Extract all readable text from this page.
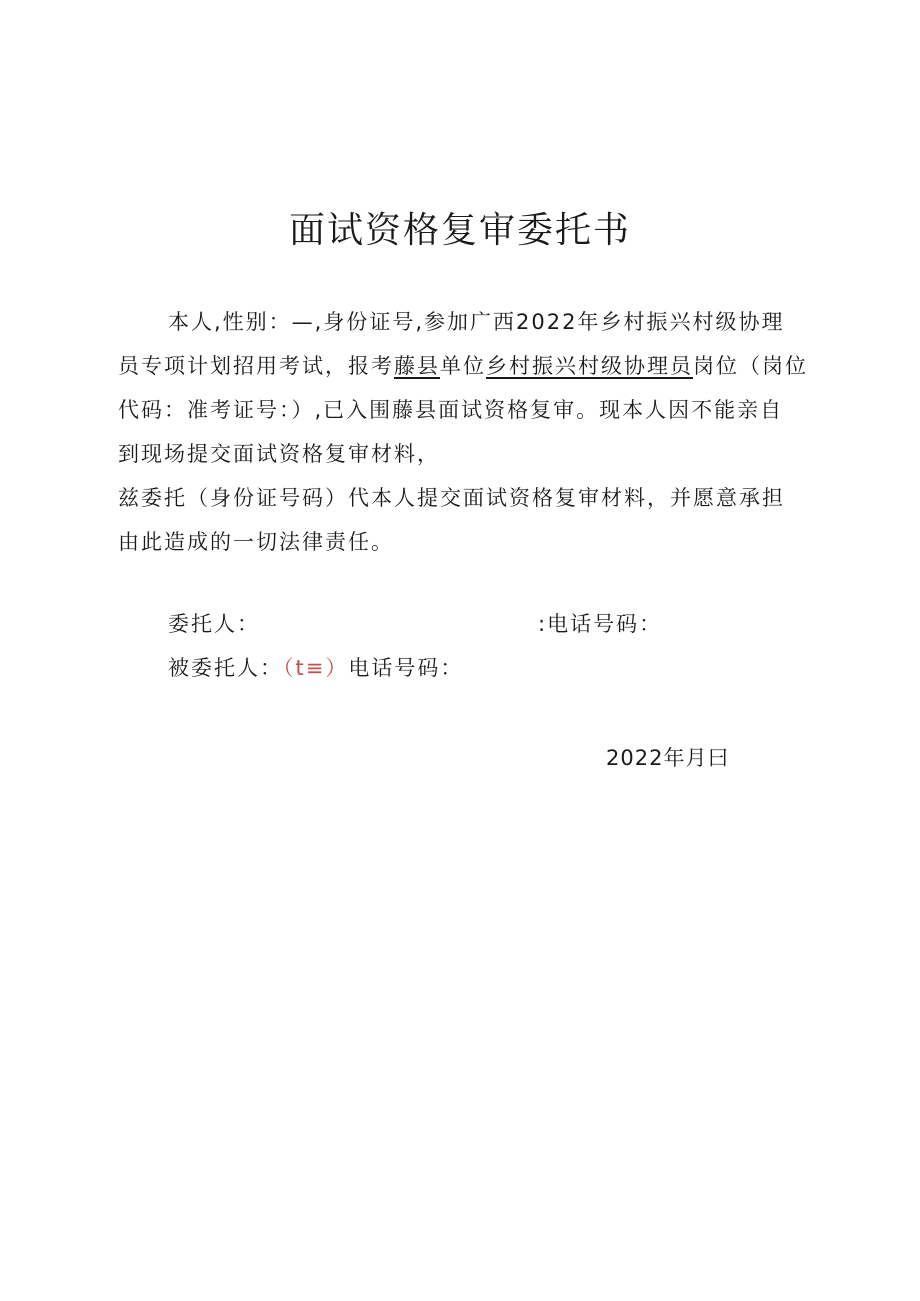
面试资格复审委托书
本人,性别：—,身份证号,参加广西2022年乡村振兴村级协理
员专项计划招用考试，报考藤县单位乡村振兴村级协理员岗位（岗位
代码：准考证号：）,已入围藤县面试资格复审。现本人因不能亲自
到现场提交面试资格复审材料，
兹委托（身份证号码）代本人提交面试资格复审材料，并愿意承担
由此造成的一切法律责任。
委托人：	:电话号码：
被委托人：（t≡）电话号码：
2022年月曰
